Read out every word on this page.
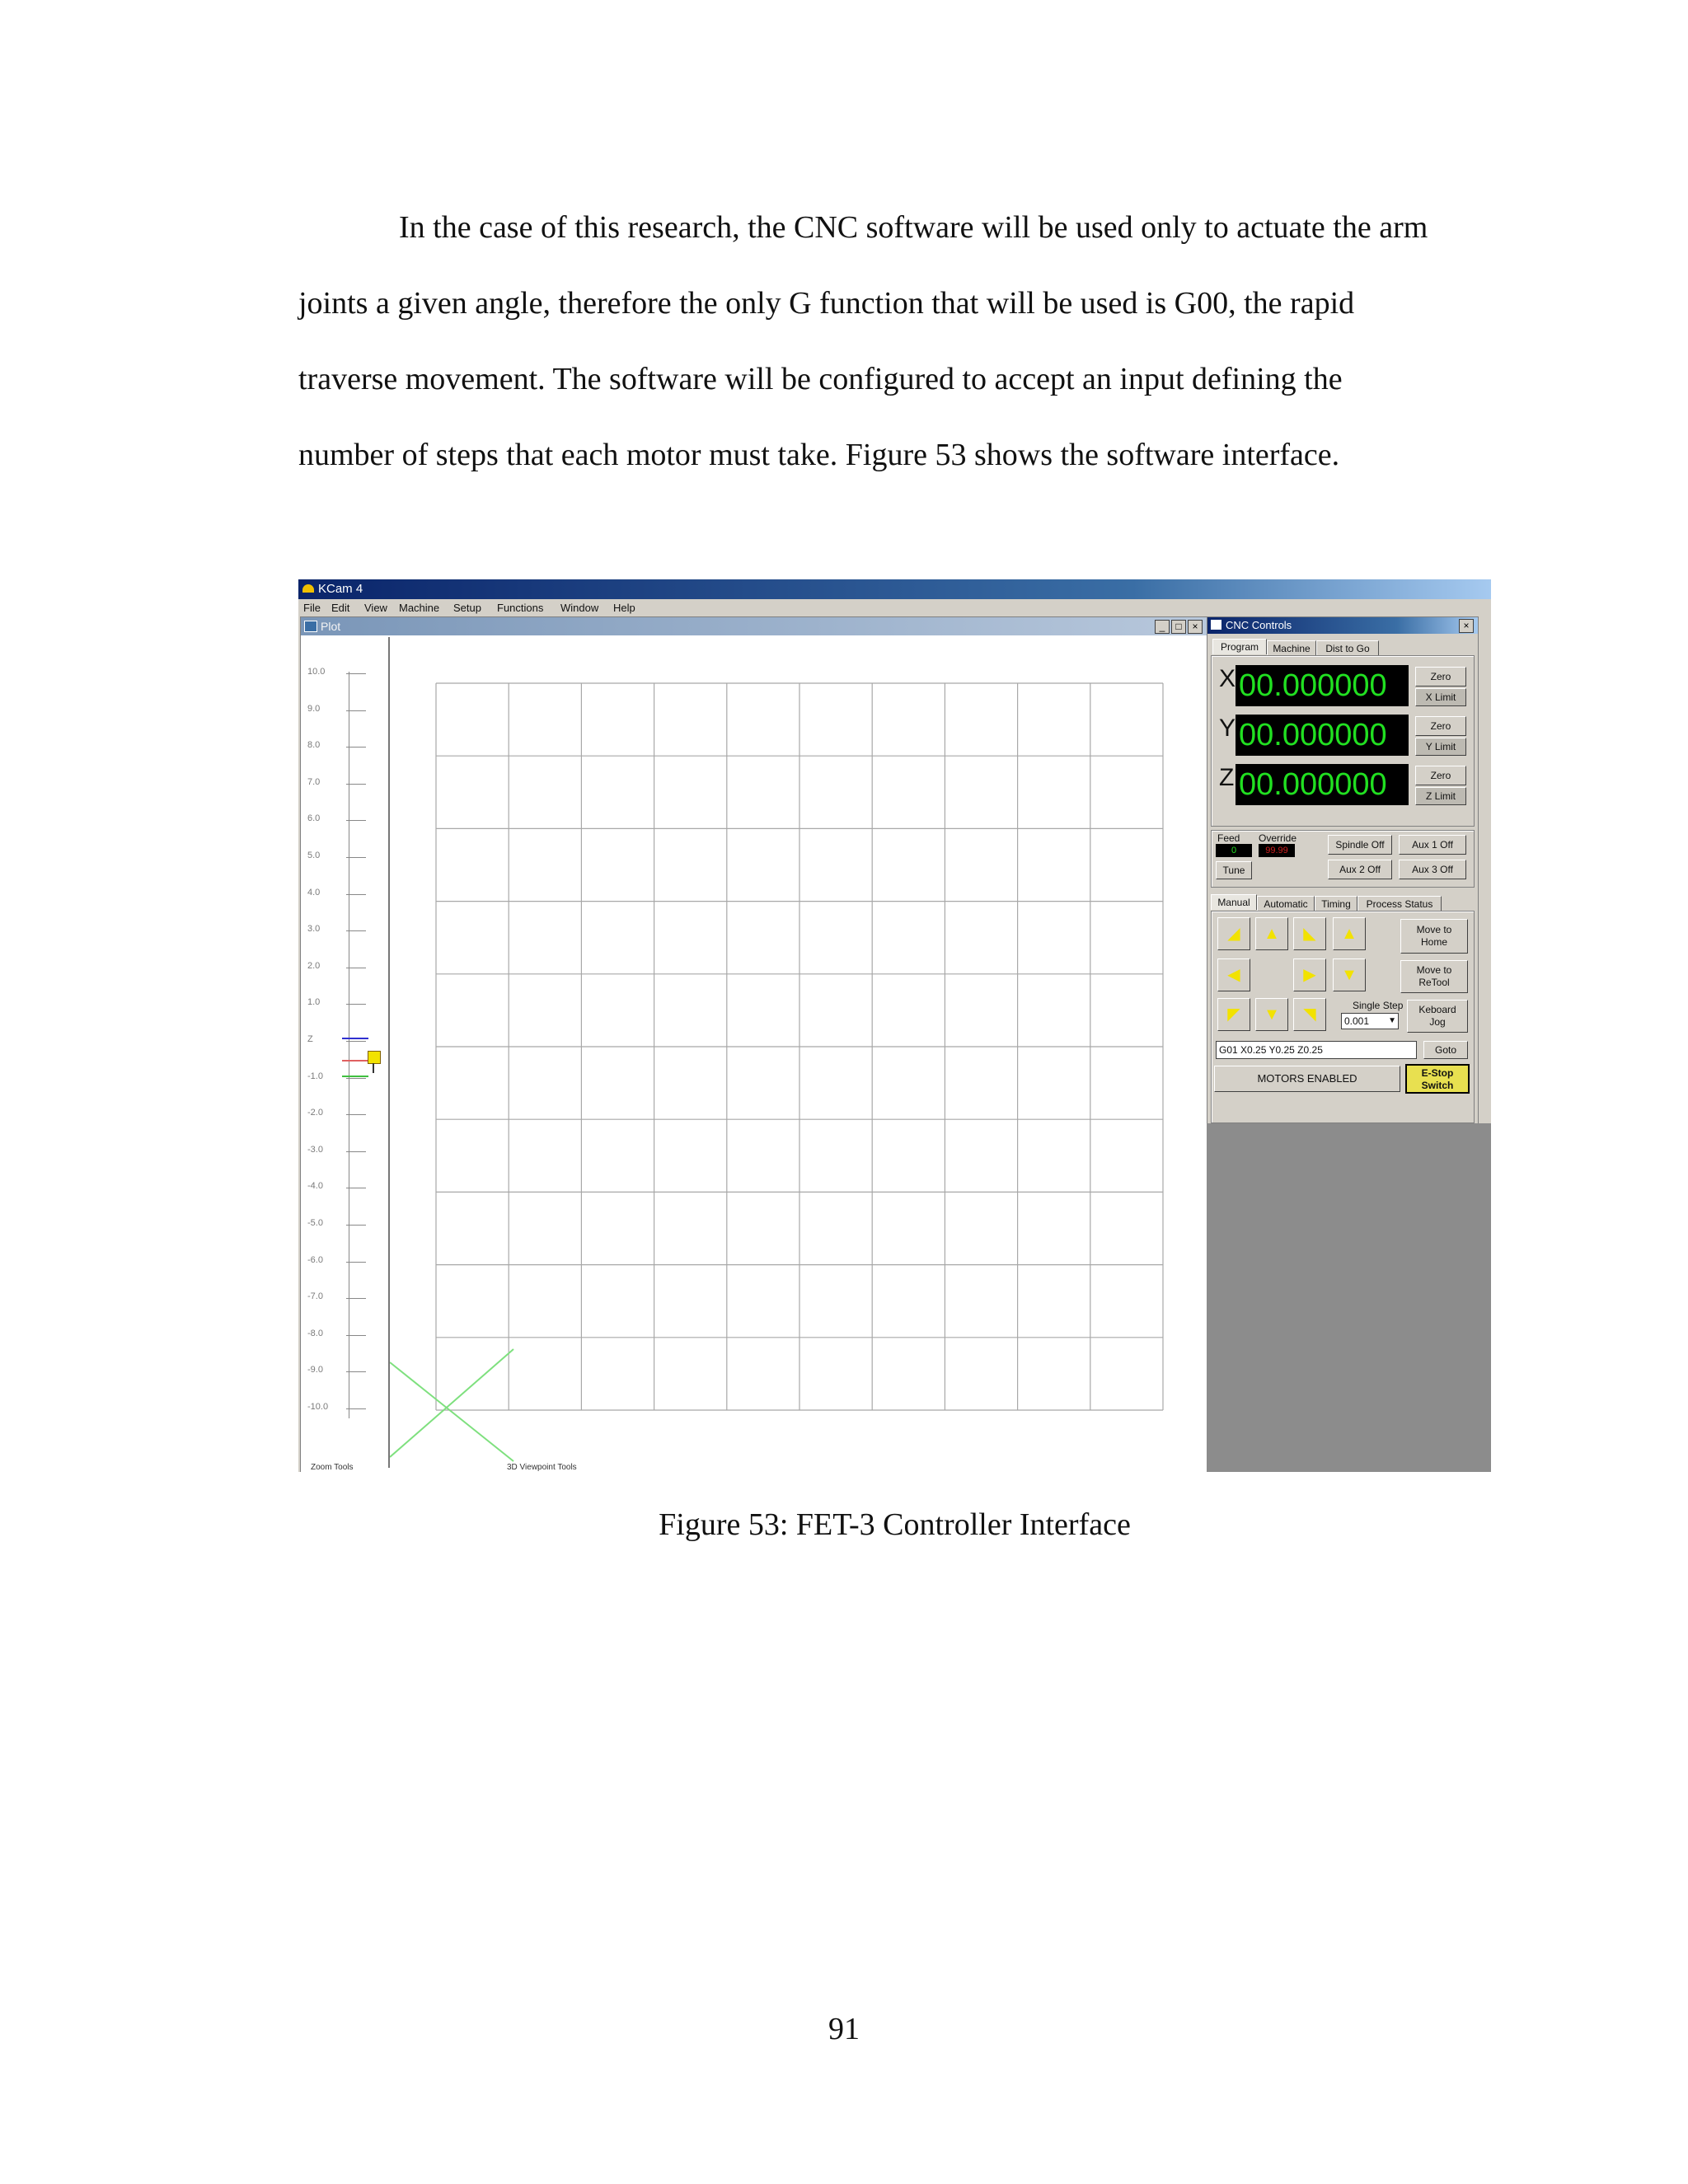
In the case of this research, the CNC software will be used only to actuate the arm

joints a given angle, therefore the only G function that will be used is G00, the rapid
traverse movement. The software will be configured to accept an input defining the
number of steps that each motor must take. Figure 53 shows the software interface.
KCam 4
File Edit View Machine Setup Functions Window Help
Plot	_	□	×
10.0
9.0
8.0
7.0
6.0
5.0
4.0
3.0
2.0
1.0
Z
-1.0
-2.0
-3.0
-4.0
-5.0
-6.0
-7.0
-8.0
-9.0
-10.0
Zoom Tools	3D Viewpoint Tools
CNC Controls	×
Program	Machine	Dist to Go
X 00.000000	Zero
X Limit
Y 00.000000	Zero
Y Limit
Z 00.000000	Zero
Z Limit
Feed Override
0	99.99
Tune
Spindle Off	Aux 1 Off
Aux 2 Off	Aux 3 Off
Manual	Automatic	Timing	Process Status
◢	▲	◣	▲
◀	▶	▼
◤	▼	◥
Move to
Home
Move to
ReTool
Single Step
0.001 ▼
Keboard
Jog
G01 X0.25 Y0.25 Z0.25	Goto
MOTORS ENABLED	E-Stop
Switch
Figure 53: FET-3 Controller Interface
91
